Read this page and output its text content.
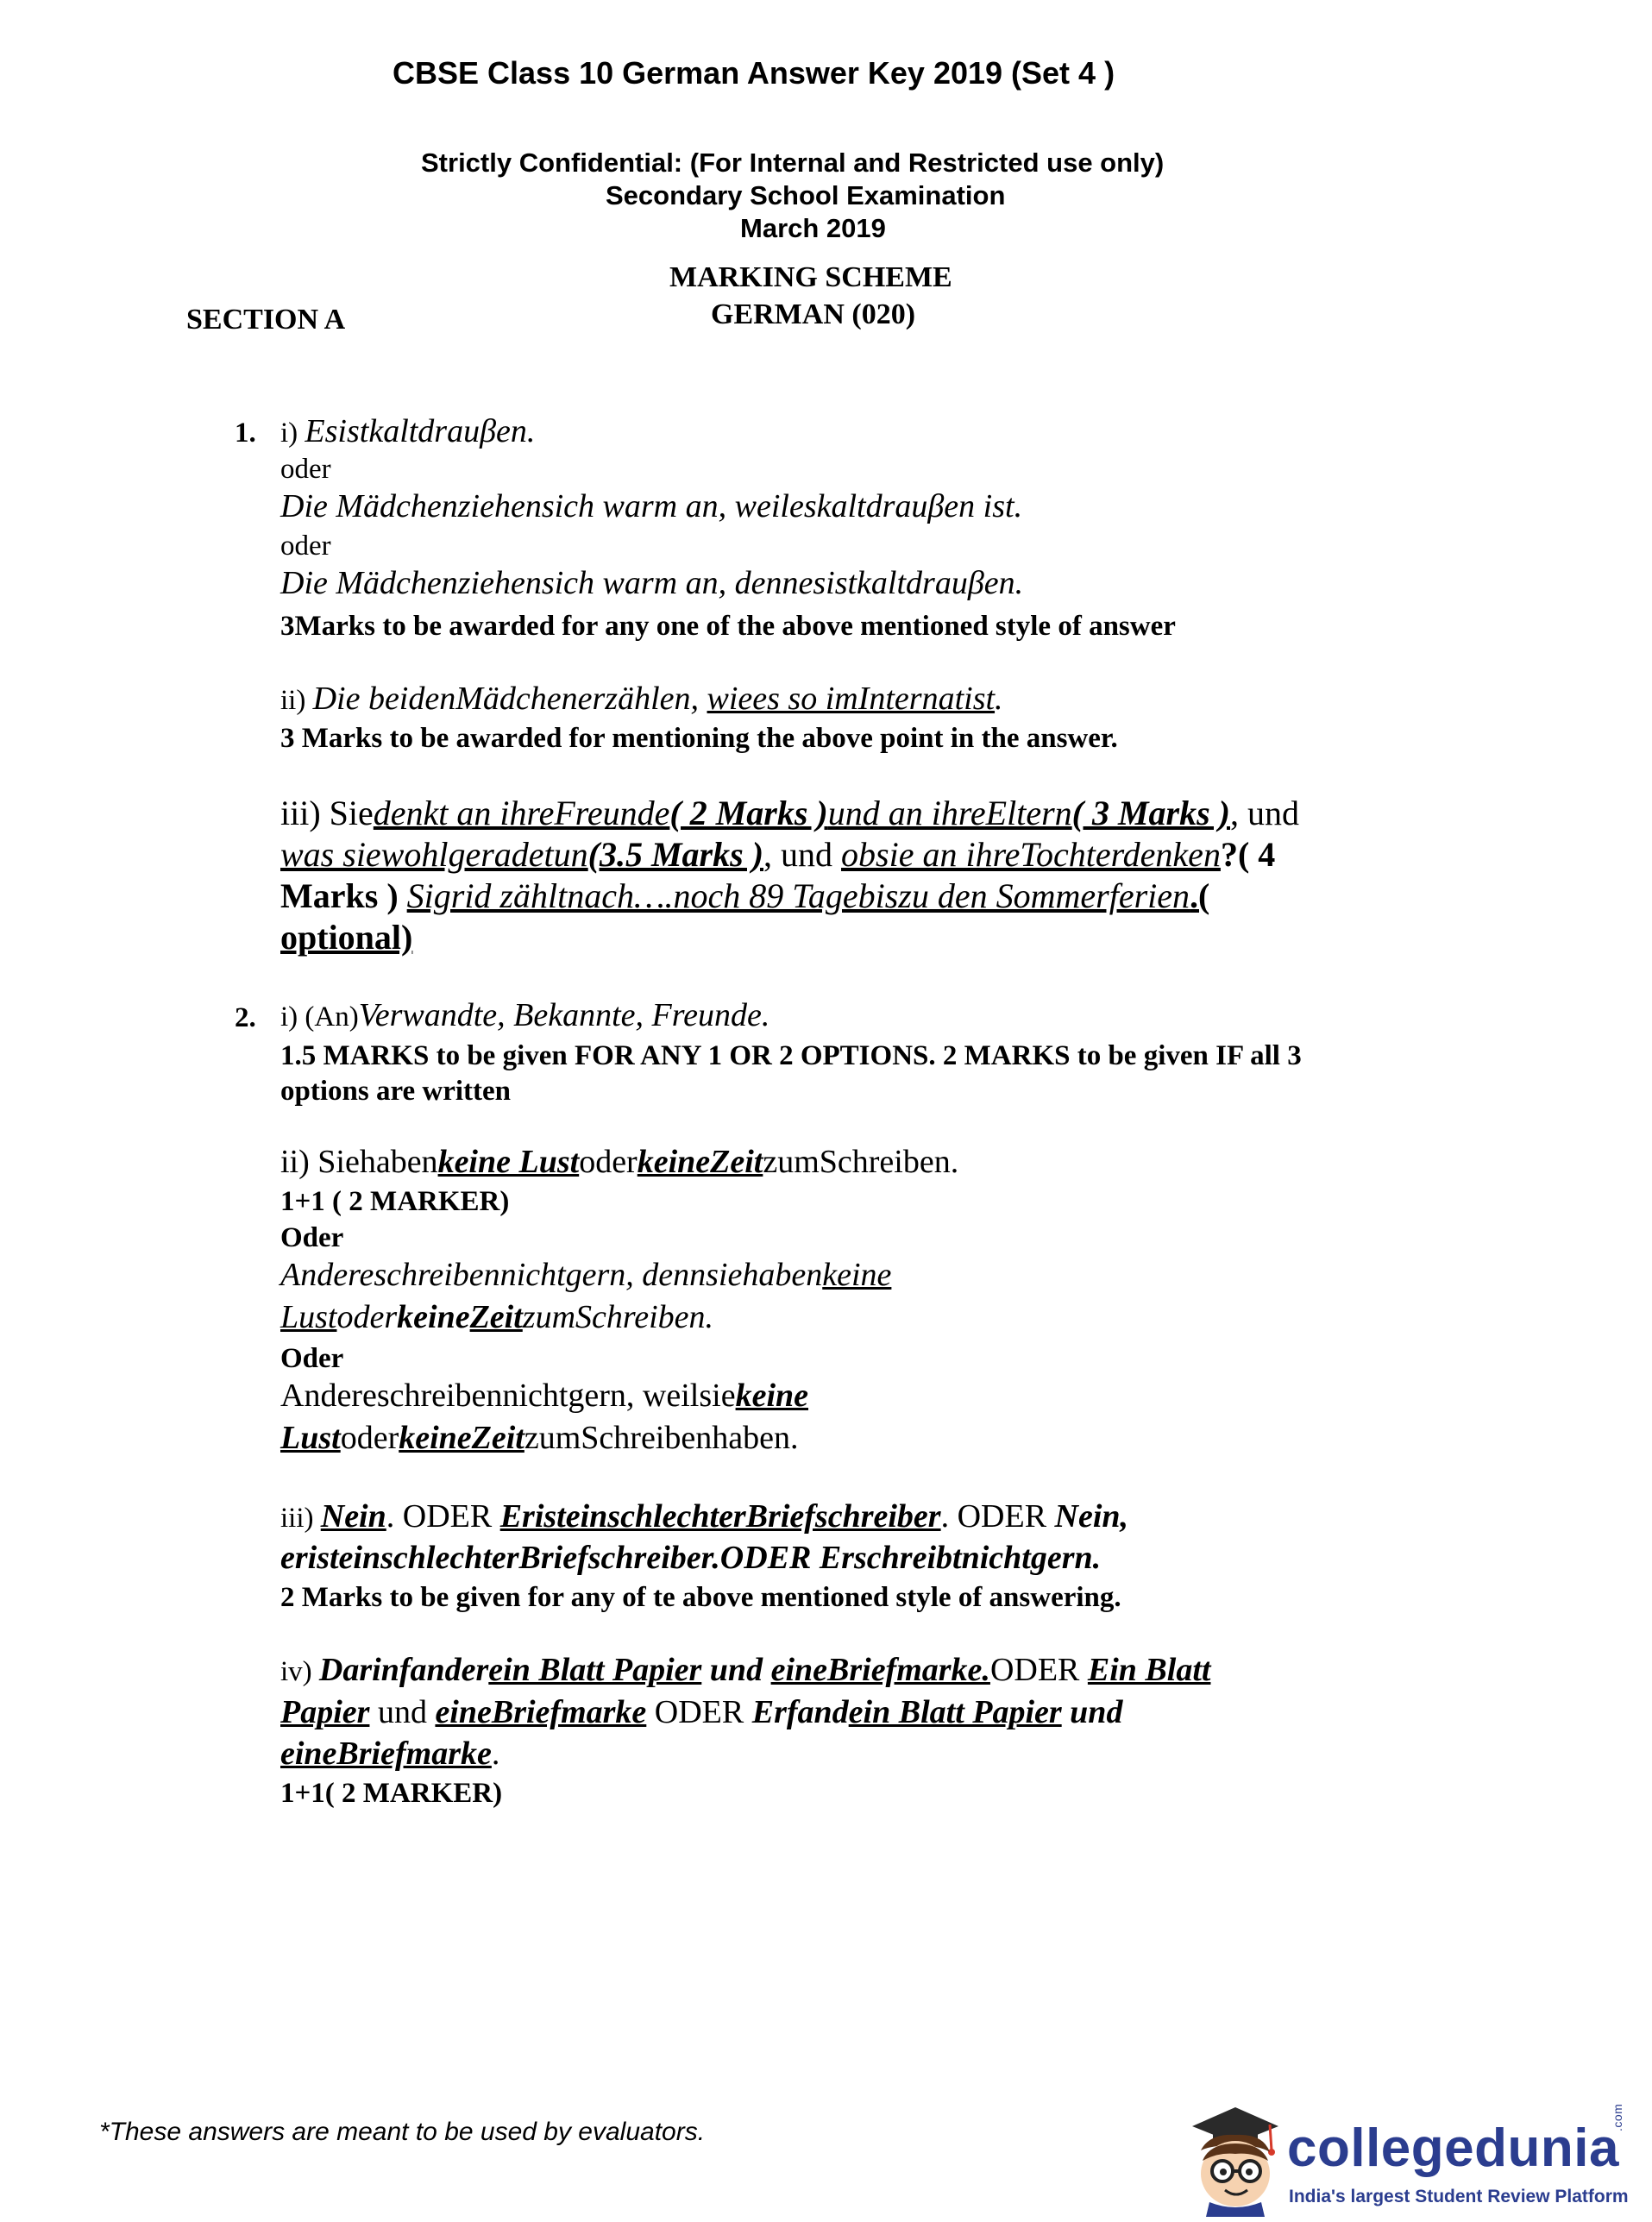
CBSE Class 10 German Answer Key 2019 (Set 4 )
Strictly Confidential: (For Internal and Restricted use only)
Secondary School Examination
March 2019
MARKING SCHEME
GERMAN (020)
SECTION A
1. i) Esistkaltdrauβen.
oder
Die Mädchenziehensich warm an, weileskaltdrauβen ist.
oder
Die Mädchenziehensich warm an, dennesistkaltdrauβen.
3Marks to be awarded for any one of the above mentioned style of answer
ii) Die beidenMädchenerzählen, wiees so imInternatist.
3 Marks to be awarded for mentioning the above point in the answer.
iii) Siedenkt an ihreFreunde( 2 Marks )und an ihreEltern( 3 Marks ), und
was siewohlgeradetun(3.5 Marks ), und obsie an ihreTochterdenken?( 4
Marks ) Sigrid zähltnach….noch 89 Tagebiszu den Sommerferien.(
optional)
2. i) (An)Verwandte, Bekannte, Freunde.
1.5 MARKS to be given FOR ANY 1 OR 2 OPTIONS. 2 MARKS to be given IF all 3
options are written
ii) Siehabenkeine LustoderkeineZeitzumSchreiben.
1+1 ( 2 MARKER)
Oder
Andereschreibennichtgern, dennsiehabenkeine
LustoderkeineZeitzumSchreiben.
Oder
Andereschreibennichtgern, weilsiekeine
LustoderkeineZeitzumSchreibenhaben.
iii) Nein. ODER EristeinschlechterBriefschreiber. ODER Nein,
eristeinschlechterBriefschreiber.ODER Erschreibtnichtgern.
2 Marks to be given for any of te above mentioned style of answering.
iv) Darinfanderein Blatt Papier und eineBriefmarke.ODER Ein Blatt
Papier und eineBriefmarke ODER Erfandein Blatt Papier und
eineBriefmarke.
1+1( 2 MARKER)
*These answers are meant to be used by evaluators.	collegedunia.com
India's largest Student Review Platform
